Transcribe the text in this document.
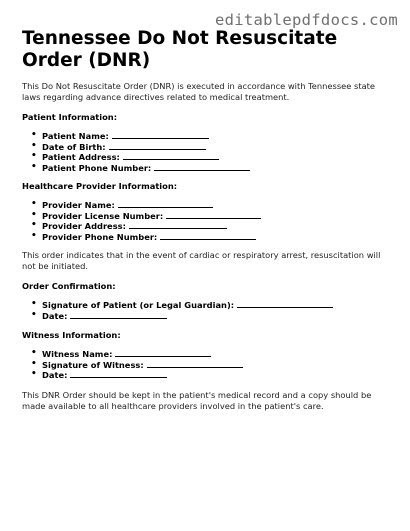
editablepdfdocs.com
Tennessee Do Not Resuscitate Order (DNR)

This Do Not Resuscitate Order (DNR) is executed in accordance with Tennessee state laws regarding advance directives related to medical treatment.

Patient Information:
• Patient Name:
• Date of Birth:
• Patient Address:
• Patient Phone Number:
Healthcare Provider Information:
• Provider Name:
• Provider License Number:
• Provider Address:
• Provider Phone Number:

This order indicates that in the event of cardiac or respiratory arrest, resuscitation will not be initiated.

Order Confirmation:
• Signature of Patient (or Legal Guardian):
• Date:
Witness Information:
• Witness Name:
• Signature of Witness:
• Date:

This DNR Order should be kept in the patient's medical record and a copy should be made available to all healthcare providers involved in the patient's care.
